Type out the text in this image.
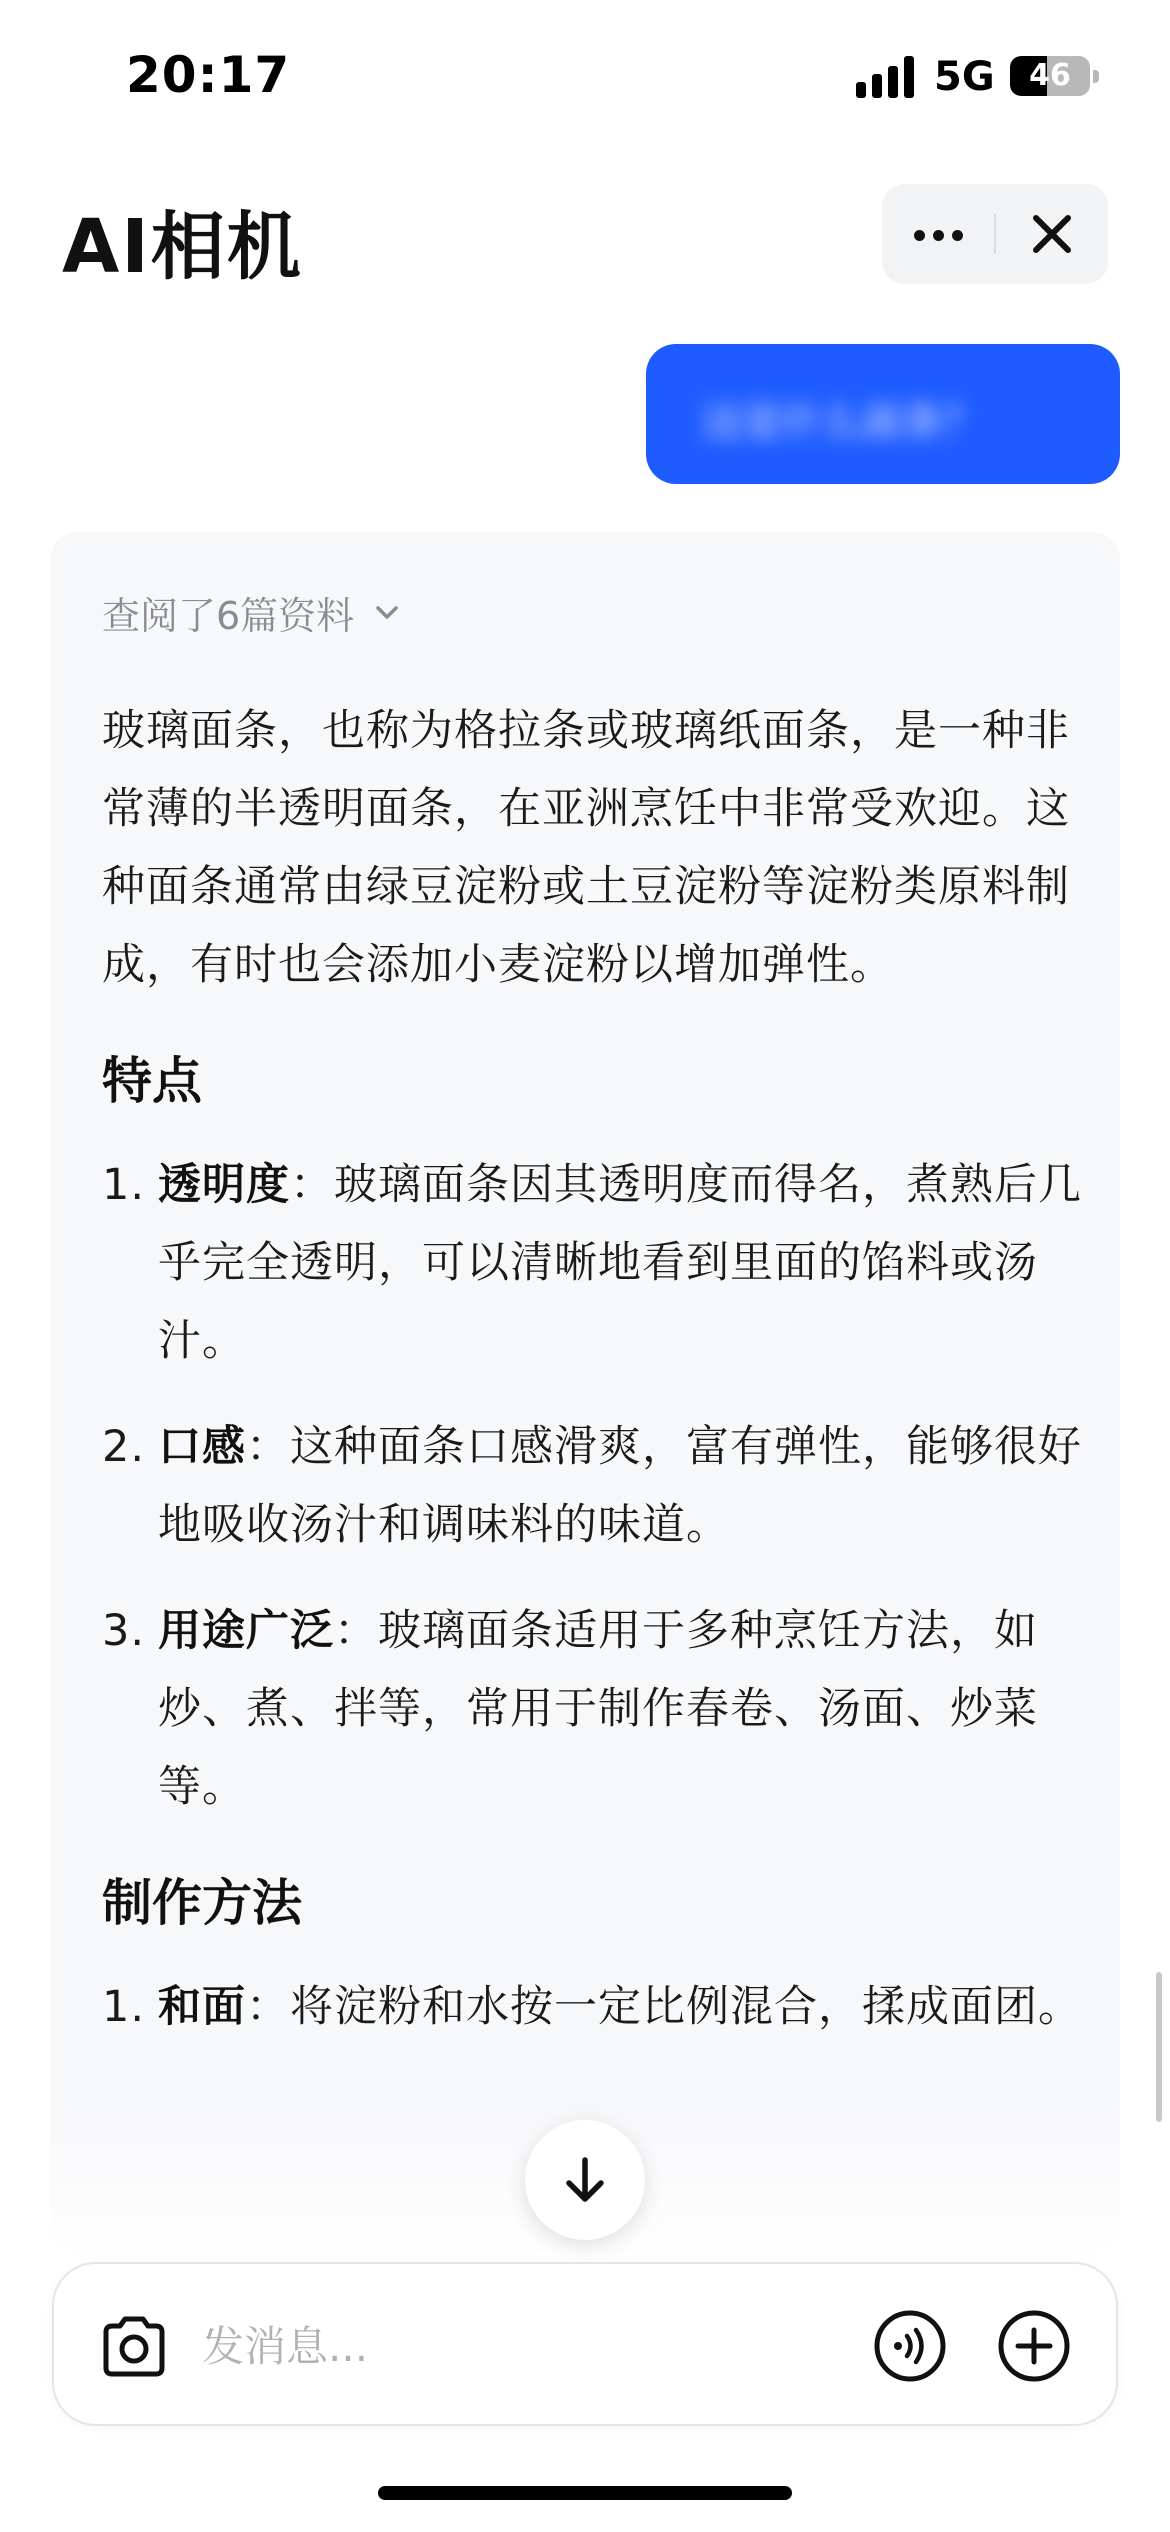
20:17	5G	46
AI相机
这是什么面条？
查阅了6篇资料

玻璃面条，也称为格拉条或玻璃纸面条，是一种非常薄的半透明面条，在亚洲烹饪中非常受欢迎。这种面条通常由绿豆淀粉或土豆淀粉等淀粉类原料制成，有时也会添加小麦淀粉以增加弹性。

特点
1. 透明度：玻璃面条因其透明度而得名，煮熟后几乎完全透明，可以清晰地看到里面的馅料或汤汁。
2. 口感：这种面条口感滑爽，富有弹性，能够很好地吸收汤汁和调味料的味道。
3. 用途广泛：玻璃面条适用于多种烹饪方法，如炒、煮、拌等，常用于制作春卷、汤面、炒菜等。
制作方法
1. 和面：将淀粉和水按一定比例混合，揉成面团。
发消息...
